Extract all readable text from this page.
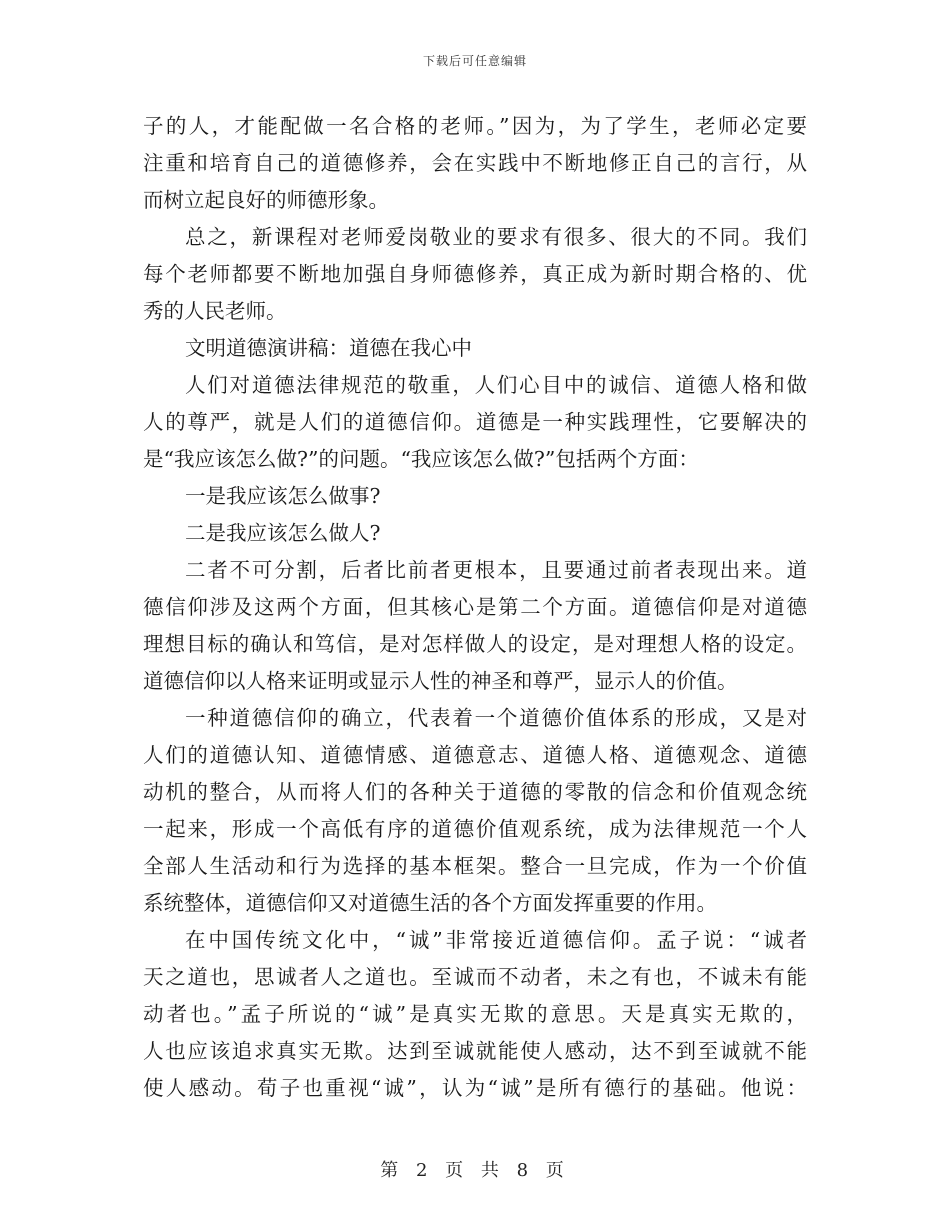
下载后可任意编辑
子的人，才能配做一名合格的老师。”因为，为了学生，老师必定要
注重和培育自己的道德修养，会在实践中不断地修正自己的言行，从
而树立起良好的师德形象。
总之，新课程对老师爱岗敬业的要求有很多、很大的不同。我们
每个老师都要不断地加强自身师德修养，真正成为新时期合格的、优
秀的人民老师。
文明道德演讲稿：道德在我心中
人们对道德法律规范的敬重，人们心目中的诚信、道德人格和做
人的尊严，就是人们的道德信仰。道德是一种实践理性，它要解决的
是“我应该怎么做?”的问题。“我应该怎么做?”包括两个方面：
一是我应该怎么做事?
二是我应该怎么做人?
二者不可分割，后者比前者更根本，且要通过前者表现出来。道
德信仰涉及这两个方面，但其核心是第二个方面。道德信仰是对道德
理想目标的确认和笃信，是对怎样做人的设定，是对理想人格的设定。
道德信仰以人格来证明或显示人性的神圣和尊严，显示人的价值。
一种道德信仰的确立，代表着一个道德价值体系的形成，又是对
人们的道德认知、道德情感、道德意志、道德人格、道德观念、道德
动机的整合，从而将人们的各种关于道德的零散的信念和价值观念统
一起来，形成一个高低有序的道德价值观系统，成为法律规范一个人
全部人生活动和行为选择的基本框架。整合一旦完成，作为一个价值
系统整体，道德信仰又对道德生活的各个方面发挥重要的作用。
在中国传统文化中，“诚”非常接近道德信仰。孟子说：“诚者
天之道也，思诚者人之道也。至诚而不动者，未之有也，不诚未有能
动者也。”孟子所说的“诚”是真实无欺的意思。天是真实无欺的，
人也应该追求真实无欺。达到至诚就能使人感动，达不到至诚就不能
使人感动。荀子也重视“诚”，认为“诚”是所有德行的基础。他说：
第 2 页 共 8 页
